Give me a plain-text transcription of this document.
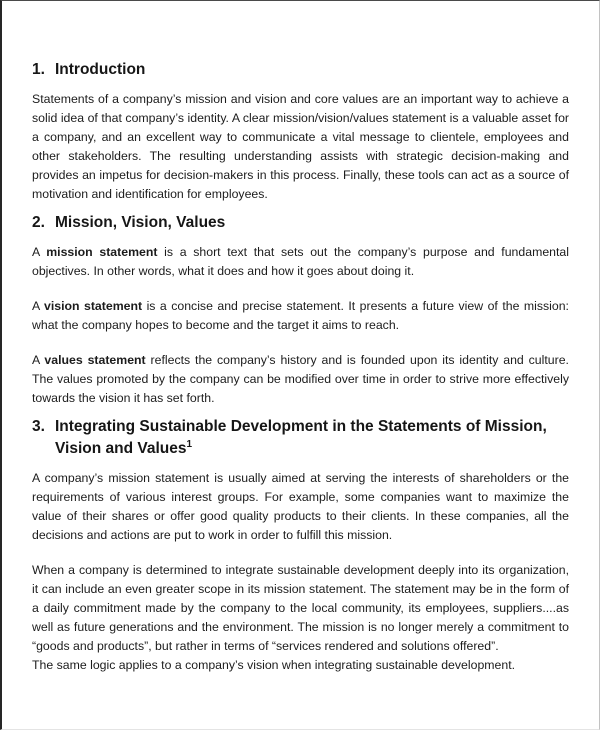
1. Introduction

Statements of a company’s mission and vision and core values are an important way to achieve a solid idea of that company’s identity. A clear mission/vision/values statement is a valuable asset for a company, and an excellent way to communicate a vital message to clientele, employees and other stakeholders. The resulting understanding assists with strategic decision-making and provides an impetus for decision-makers in this process. Finally, these tools can act as a source of motivation and identification for employees.

2. Mission, Vision, Values

A mission statement is a short text that sets out the company’s purpose and fundamental objectives. In other words, what it does and how it goes about doing it.

A vision statement is a concise and precise statement. It presents a future view of the mission: what the company hopes to become and the target it aims to reach.

A values statement reflects the company’s history and is founded upon its identity and culture. The values promoted by the company can be modified over time in order to strive more effectively towards the vision it has set forth.

3. Integrating Sustainable Development in the Statements of Mission, Vision and Values$^1$

A company’s mission statement is usually aimed at serving the interests of shareholders or the requirements of various interest groups. For example, some companies want to maximize the value of their shares or offer good quality products to their clients. In these companies, all the decisions and actions are put to work in order to fulfill this mission.

When a company is determined to integrate sustainable development deeply into its organization, it can include an even greater scope in its mission statement. The statement may be in the form of a daily commitment made by the company to the local community, its employees, suppliers....as well as future generations and the environment. The mission is no longer merely a commitment to “goods and products”, but rather in terms of “services rendered and solutions offered”.

The same logic applies to a company’s vision when integrating sustainable development.
